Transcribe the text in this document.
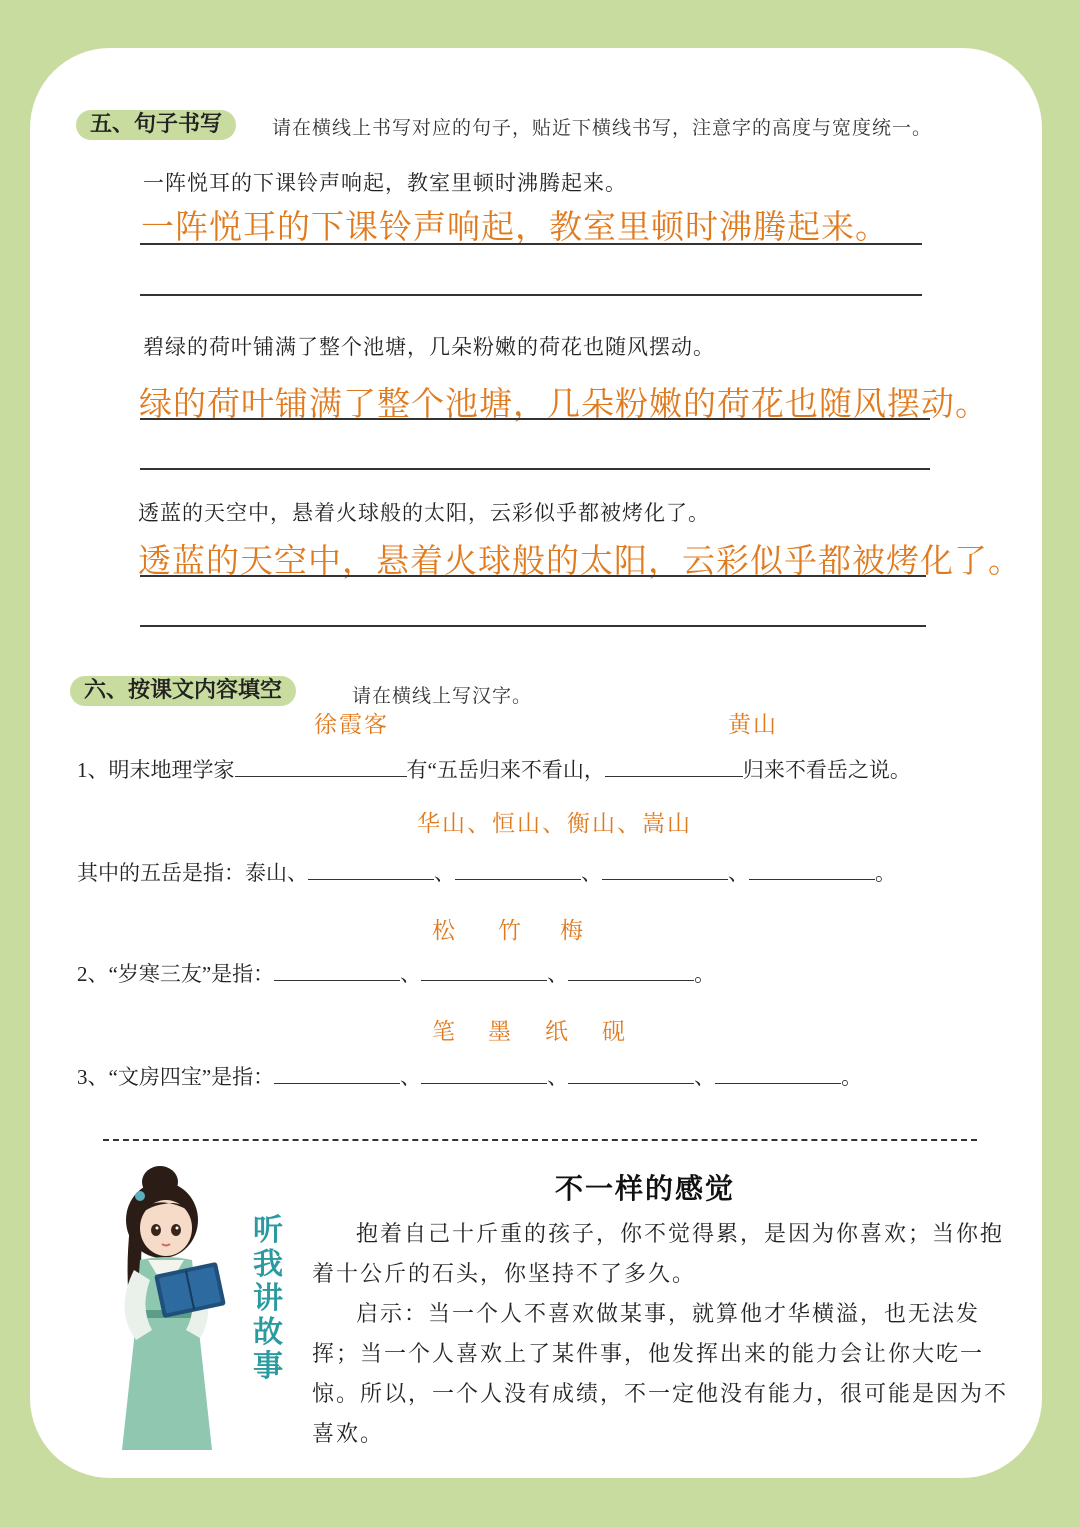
五、句子书写	请在横线上书写对应的句子，贴近下横线书写，注意字的高度与宽度统一。
一阵悦耳的下课铃声响起，教室里顿时沸腾起来。
一阵悦耳的下课铃声响起，教室里顿时沸腾起来。
碧绿的荷叶铺满了整个池塘，几朵粉嫩的荷花也随风摆动。
绿的荷叶铺满了整个池塘，几朵粉嫩的荷花也随风摆动。
透蓝的天空中，悬着火球般的太阳，云彩似乎都被烤化了。
透蓝的天空中，悬着火球般的太阳，云彩似乎都被烤化了。
六、按课文内容填空	请在横线上写汉字。
徐霞客	黄山
1、明末地理学家	有“五岳归来不看山，	归来不看岳之说。
华山、恒山、衡山、嵩山
其中的五岳是指：泰山、	、	、	、	。
松 竹 梅
2、“岁寒三友”是指：	、	、	。
笔 墨 纸 砚
3、“文房四宝”是指：	、	、	、	。
听我讲故事
不一样的感觉
抱着自己十斤重的孩子，你不觉得累，是因为你喜欢；当你抱着十公斤的石头，你坚持不了多久。
启示：当一个人不喜欢做某事，就算他才华横溢，也无法发挥；当一个人喜欢上了某件事，他发挥出来的能力会让你大吃一惊。所以，一个人没有成绩，不一定他没有能力，很可能是因为不喜欢。
